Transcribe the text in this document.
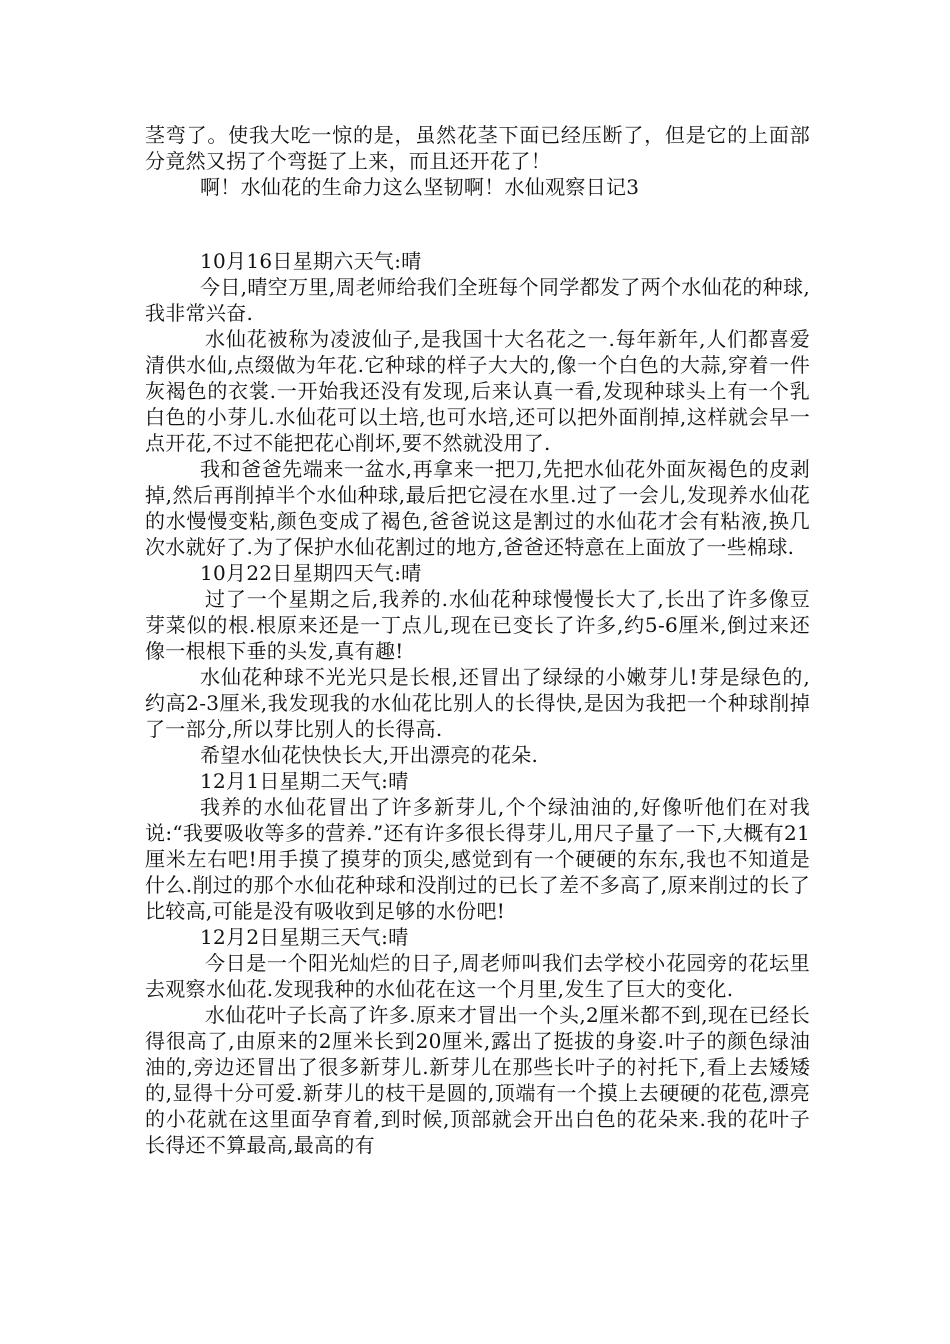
茎弯了。使我大吃一惊的是，虽然花茎下面已经压断了，但是它的上面部分竟然又拐了个弯挺了上来，而且还开花了！

啊！水仙花的生命力这么坚韧啊！水仙观察日记3

10月16日星期六天气:晴

今日,晴空万里,周老师给我们全班每个同学都发了两个水仙花的种球,我非常兴奋.

水仙花被称为凌波仙子,是我国十大名花之一.每年新年,人们都喜爱清供水仙,点缀做为年花.它种球的样子大大的,像一个白色的大蒜,穿着一件灰褐色的衣裳.一开始我还没有发现,后来认真一看,发现种球头上有一个乳白色的小芽儿.水仙花可以土培,也可水培,还可以把外面削掉,这样就会早一点开花,不过不能把花心削坏,要不然就没用了.

我和爸爸先端来一盆水,再拿来一把刀,先把水仙花外面灰褐色的皮剥掉,然后再削掉半个水仙种球,最后把它浸在水里.过了一会儿,发现养水仙花的水慢慢变粘,颜色变成了褐色,爸爸说这是割过的水仙花才会有粘液,换几次水就好了.为了保护水仙花割过的地方,爸爸还特意在上面放了一些棉球.

10月22日星期四天气:晴

过了一个星期之后,我养的.水仙花种球慢慢长大了,长出了许多像豆芽菜似的根.根原来还是一丁点儿,现在已变长了许多,约5-6厘米,倒过来还像一根根下垂的头发,真有趣!

水仙花种球不光光只是长根,还冒出了绿绿的小嫩芽儿!芽是绿色的,约高2-3厘米,我发现我的水仙花比别人的长得快,是因为我把一个种球削掉了一部分,所以芽比别人的长得高.

希望水仙花快快长大,开出漂亮的花朵.

12月1日星期二天气:晴

我养的水仙花冒出了许多新芽儿,个个绿油油的,好像听他们在对我说:“我要吸收等多的营养.”还有许多很长得芽儿,用尺子量了一下,大概有21厘米左右吧!用手摸了摸芽的顶尖,感觉到有一个硬硬的东东,我也不知道是什么.削过的那个水仙花种球和没削过的已长了差不多高了,原来削过的长了比较高,可能是没有吸收到足够的水份吧!

12月2日星期三天气:晴

今日是一个阳光灿烂的日子,周老师叫我们去学校小花园旁的花坛里去观察水仙花.发现我种的水仙花在这一个月里,发生了巨大的变化.

水仙花叶子长高了许多.原来才冒出一个头,2厘米都不到,现在已经长得很高了,由原来的2厘米长到20厘米,露出了挺拔的身姿.叶子的颜色绿油油的,旁边还冒出了很多新芽儿.新芽儿在那些长叶子的衬托下,看上去矮矮的,显得十分可爱.新芽儿的枝干是圆的,顶端有一个摸上去硬硬的花苞,漂亮的小花就在这里面孕育着,到时候,顶部就会开出白色的花朵来.我的花叶子长得还不算最高,最高的有
